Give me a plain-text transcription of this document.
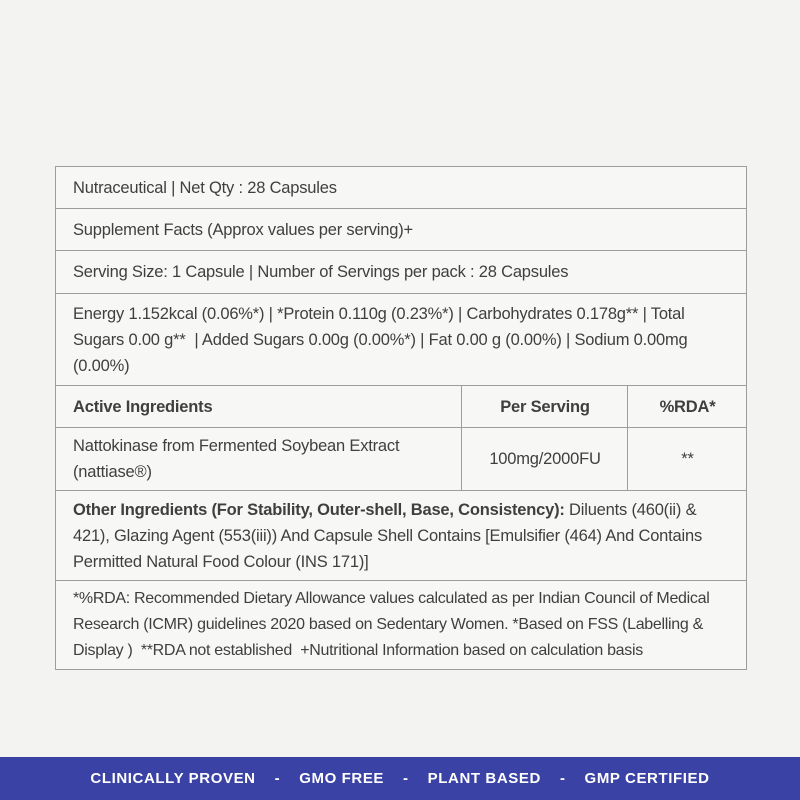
Nutraceutical | Net Qty : 28 Capsules		
Supplement Facts (Approx values per serving)+		
Serving Size: 1 Capsule | Number of Servings per pack : 28 Capsules		
Energy 1.152kcal (0.06%*) | *Protein 0.110g (0.23%*) | Carbohydrates 0.178g** | Total Sugars 0.00 g**  | Added Sugars 0.00g (0.00%*) | Fat 0.00 g (0.00%) | Sodium 0.00mg (0.00%)		
Active Ingredients	Per Serving	%RDA*
Nattokinase from Fermented Soybean Extract (nattiase®)	100mg/2000FU	**
Other Ingredients (For Stability, Outer-shell, Base, Consistency): Diluents (460(ii) & 421), Glazing Agent (553(iii)) And Capsule Shell Contains [Emulsifier (464) And Contains Permitted Natural Food Colour (INS 171)]		
*%RDA: Recommended Dietary Allowance values calculated as per Indian Council of Medical Research (ICMR) guidelines 2020 based on Sedentary Women. *Based on FSS (Labelling & Display )  **RDA not established  +Nutritional Information based on calculation basis		
CLINICALLY PROVEN - GMO FREE - PLANT BASED - GMP CERTIFIED
